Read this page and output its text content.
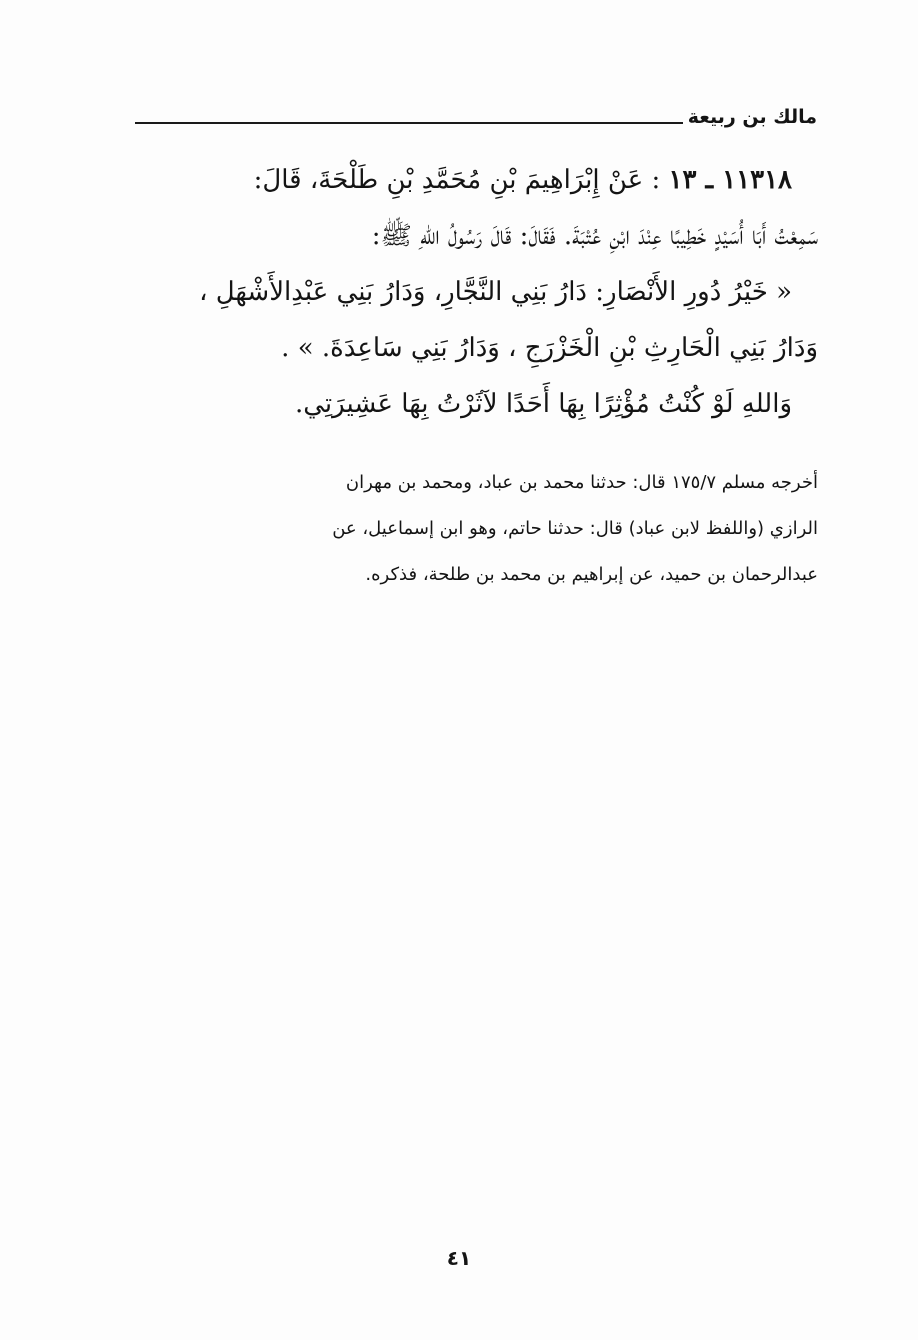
مالك بن ربيعة
١١٣١٨ ـ ١٣ : عَنْ إِبْرَاهِيمَ بْنِ مُحَمَّدِ بْنِ طَلْحَةَ، قَالَ:
سَمِعْتُ أَبَا أُسَيْدٍ خَطِيبًا عِنْدَ ابْنِ عُتْبَةَ. فَقَالَ: قَالَ رَسُولُ اللهِ ﷺ:
« خَيْرُ دُورِ الأَنْصَارِ: دَارُ بَنِي النَّجَّارِ، وَدَارُ بَنِي عَبْدِالأَشْهَلِ ،
وَدَارُ بَنِي الْحَارِثِ بْنِ الْخَزْرَجِ ، وَدَارُ بَنِي سَاعِدَةَ. » .
وَاللهِ لَوْ كُنْتُ مُؤْثِرًا بِهَا أَحَدًا لآثَرْتُ بِهَا عَشِيرَتِي.
أخرجه مسلم ١٧٥/٧ قال: حدثنا محمد بن عباد، ومحمد بن مهران
الرازي (واللفظ لابن عباد) قال: حدثنا حاتم، وهو ابن إسماعيل، عن
عبدالرحمان بن حميد، عن إبراهيم بن محمد بن طلحة، فذكره.
٤١
